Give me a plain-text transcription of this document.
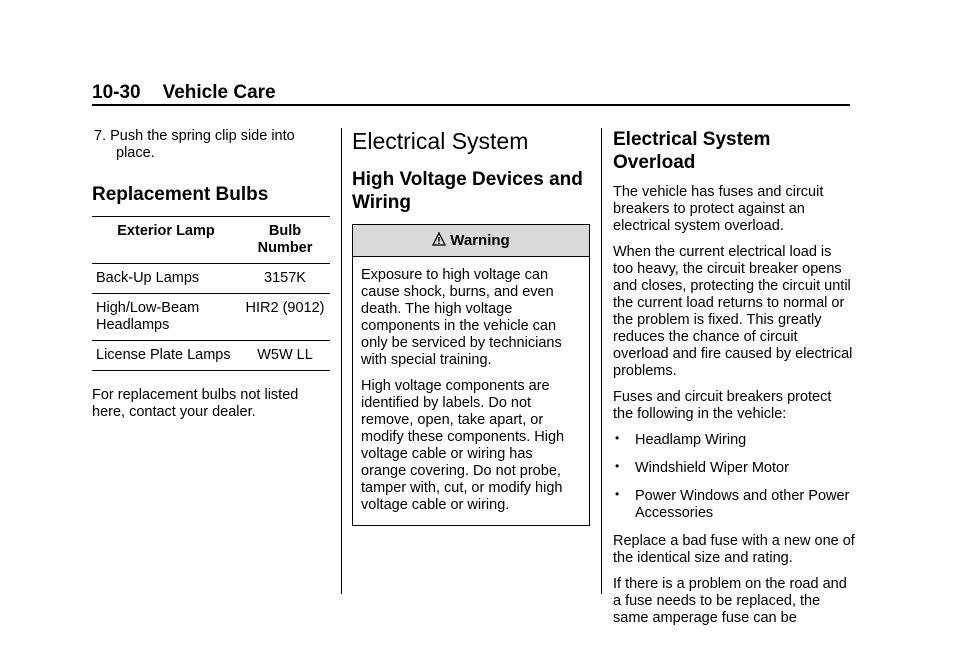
10-30 Vehicle Care

7. Push the spring clip side into place.

Replacement Bulbs
Exterior Lamp	Bulb Number
Back-Up Lamps	3157K
High/Low-Beam Headlamps	HIR2 (9012)
License Plate Lamps	W5W LL

For replacement bulbs not listed here, contact your dealer.

Electrical System
High Voltage Devices and Wiring
Warning

Exposure to high voltage can cause shock, burns, and even death. The high voltage components in the vehicle can only be serviced by technicians with special training.

High voltage components are identified by labels. Do not remove, open, take apart, or modify these components. High voltage cable or wiring has orange covering. Do not probe, tamper with, cut, or modify high voltage cable or wiring.

Electrical System Overload

The vehicle has fuses and circuit breakers to protect against an electrical system overload.

When the current electrical load is too heavy, the circuit breaker opens and closes, protecting the circuit until the current load returns to normal or the problem is fixed. This greatly reduces the chance of circuit overload and fire caused by electrical problems.

Fuses and circuit breakers protect the following in the vehicle:

• Headlamp Wiring
• Windshield Wiper Motor
• Power Windows and other Power Accessories

Replace a bad fuse with a new one of the identical size and rating.

If there is a problem on the road and a fuse needs to be replaced, the same amperage fuse can be
